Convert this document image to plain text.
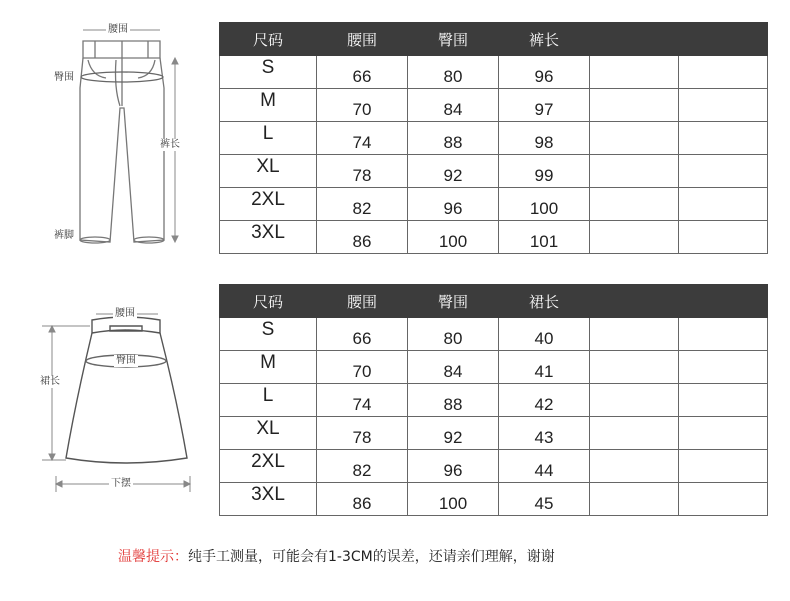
腰围
臀围
裤长
裤脚
尺码	腰围	臀围	裤长		
S	66	80	96		
M	70	84	97		
L	74	88	98		
XL	78	92	99		
2XL	82	96	100		
3XL	86	100	101		
腰围
臀围
裙长
下摆
尺码	腰围	臀围	裙长		
S	66	80	40		
M	70	84	41		
L	74	88	42		
XL	78	92	43		
2XL	82	96	44		
3XL	86	100	45		
温馨提示：纯手工测量，可能会有1-3CM的误差，还请亲们理解，谢谢
